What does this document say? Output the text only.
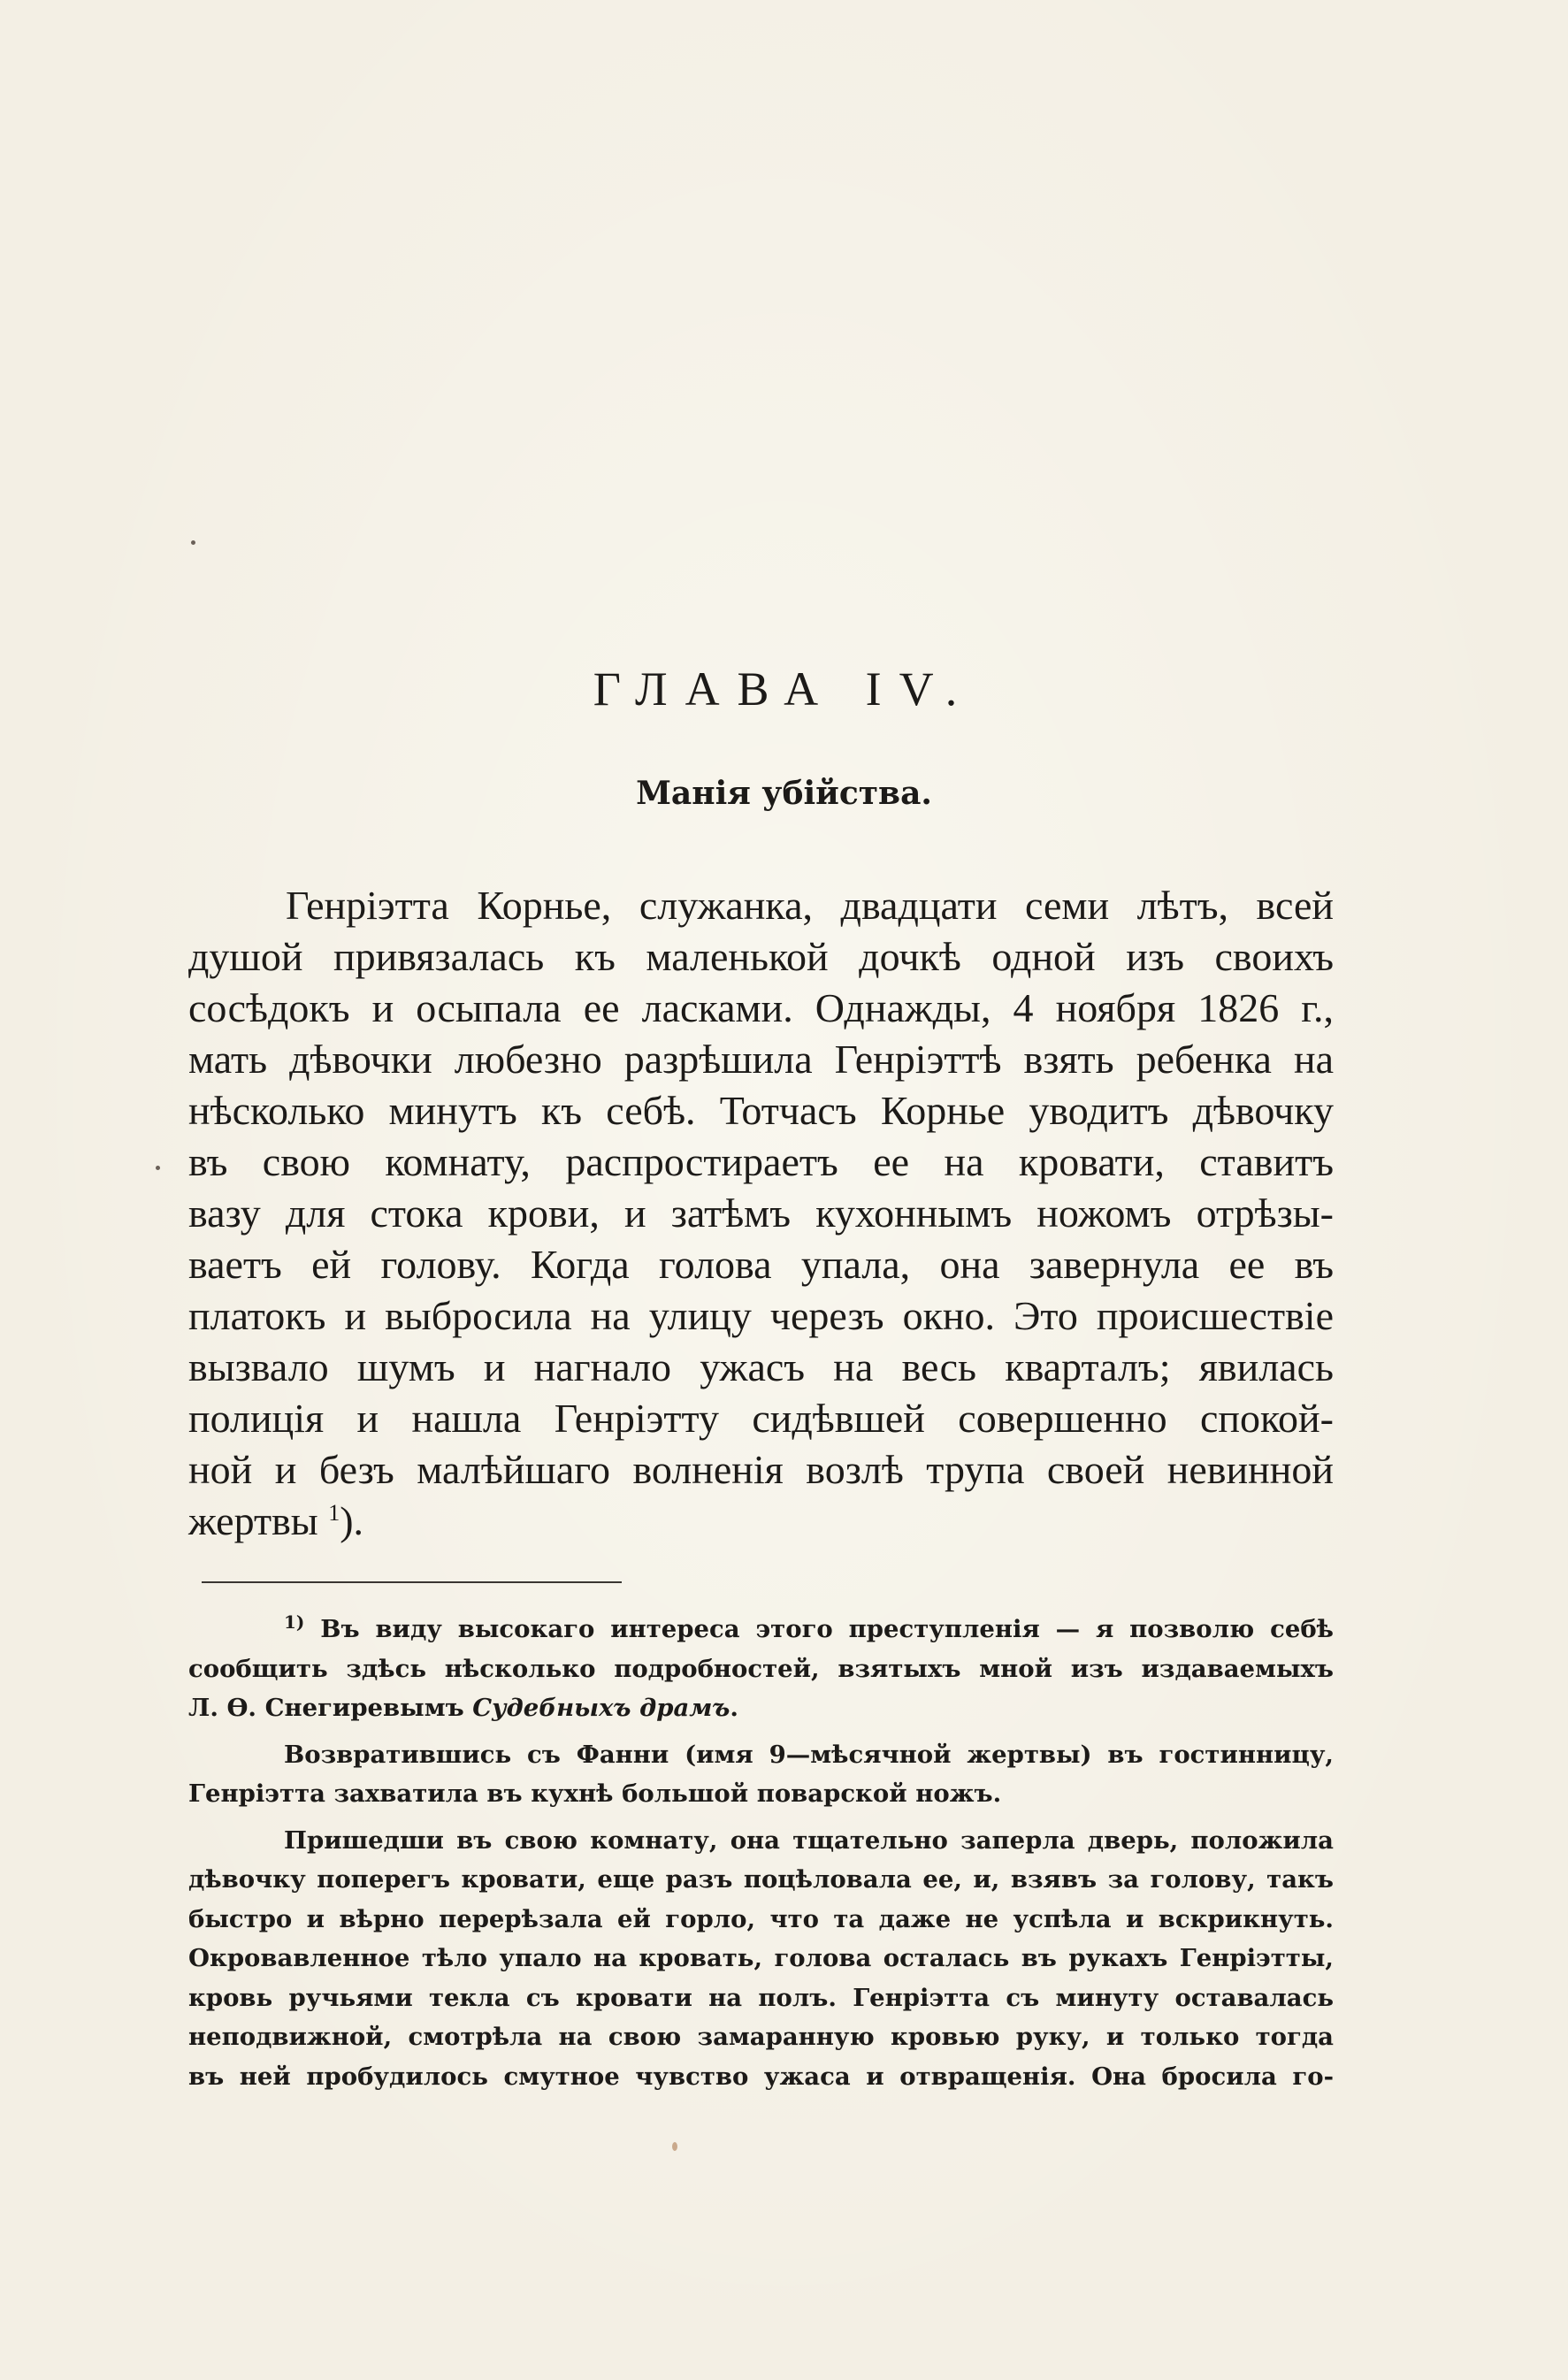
ГЛАВА IV.
Манія убійства.
Генріэтта Корнье, служанка, двадцати семи лѣтъ, всей
душой привязалась къ маленькой дочкѣ одной изъ своихъ
сосѣдокъ и осыпала ее ласками. Однажды, 4 ноября 1826 г.,
мать дѣвочки любезно разрѣшила Генріэттѣ взять ребенка на
нѣсколько минутъ къ себѣ. Тотчасъ Корнье уводитъ дѣвочку
въ свою комнату, распростираетъ ее на кровати, ставитъ
вазу для стока крови, и затѣмъ кухоннымъ ножомъ отрѣзы-
ваетъ ей голову. Когда голова упала, она завернула ее въ
платокъ и выбросила на улицу черезъ окно. Это происшествіе
вызвало шумъ и нагнало ужасъ на весь кварталъ; явилась
полиція и нашла Генріэтту сидѣвшей совершенно спокой-
ной и безъ малѣйшаго волненія возлѣ трупа своей невинной
жертвы $^1$).
$^{1)}$ Въ виду высокаго интереса этого преступленія — я позволю себѣ
сообщить здѣсь нѣсколько подробностей, взятыхъ мной изъ издаваемыхъ
Л. Ѳ. Снегиревымъ Судебныхъ драмъ.
Возвратившись съ Фанни (имя 9—мѣсячной жертвы) въ гостинницу,
Генріэтта захватила въ кухнѣ большой поварской ножъ.
Пришедши въ свою комнату, она тщательно заперла дверь, положила
дѣвочку поперегъ кровати, еще разъ поцѣловала ее, и, взявъ за голову, такъ
быстро и вѣрно перерѣзала ей горло, что та даже не успѣла и вскрикнуть.
Окровавленное тѣло упало на кровать, голова осталась въ рукахъ Генріэтты,
кровь ручьями текла съ кровати на полъ. Генріэтта съ минуту оставалась
неподвижной, смотрѣла на свою замаранную кровью руку, и только тогда
въ ней пробудилось смутное чувство ужаса и отвращенія. Она бросила го-
